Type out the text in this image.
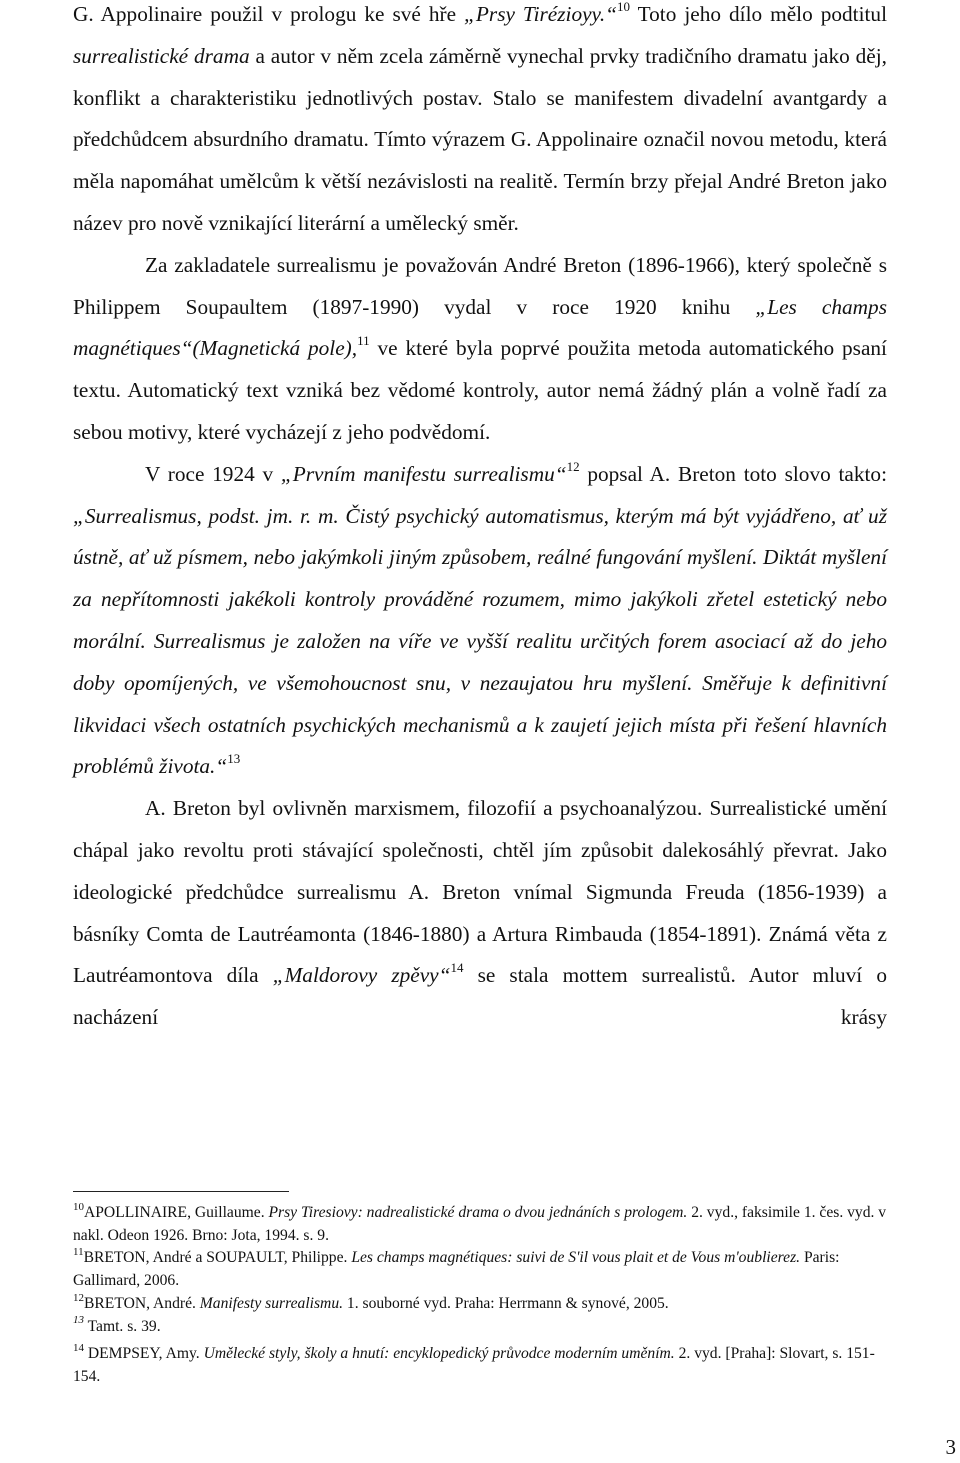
G. Appolinaire použil v prologu ke své hře „Prsy Tirézioyy.“$^{10}$ Toto jeho dílo mělo podtitul surrealistické drama a autor v něm zcela záměrně vynechal prvky tradičního dramatu jako děj, konflikt a charakteristiku jednotlivých postav. Stalo se manifestem divadelní avantgardy a předchůdcem absurdního dramatu. Tímto výrazem G. Appolinaire označil novou metodu, která měla napomáhat umělcům k větší nezávislosti na realitě. Termín brzy přejal André Breton jako název pro nově vznikající literární a umělecký směr.

Za zakladatele surrealismu je považován André Breton (1896-1966), který společně s Philippem Soupaultem (1897-1990) vydal v roce 1920 knihu „Les champs magnétiques“(Magnetická pole),$^{11}$ ve které byla poprvé použita metoda automatického psaní textu. Automatický text vzniká bez vědomé kontroly, autor nemá žádný plán a volně řadí za sebou motivy, které vycházejí z jeho podvědomí.

V roce 1924 v „Prvním manifestu surrealismu“$^{12}$ popsal A. Breton toto slovo takto: „Surrealismus, podst. jm. r. m. Čistý psychický automatismus, kterým má být vyjádřeno, ať už ústně, ať už písmem, nebo jakýmkoli jiným způsobem, reálné fungování myšlení. Diktát myšlení za nepřítomnosti jakékoli kontroly prováděné rozumem, mimo jakýkoli zřetel estetický nebo morální. Surrealismus je založen na víře ve vyšší realitu určitých forem asociací až do jeho doby opomíjených, ve všemohoucnost snu, v nezaujatou hru myšlení. Směřuje k definitivní likvidaci všech ostatních psychických mechanismů a k zaujetí jejich místa při řešení hlavních problémů života.“$^{13}$

A. Breton byl ovlivněn marxismem, filozofií a psychoanalýzou. Surrealistické umění chápal jako revoltu proti stávající společnosti, chtěl jím způsobit dalekosáhlý převrat. Jako ideologické předchůdce surrealismu A. Breton vnímal Sigmunda Freuda (1856-1939) a básníky Comta de Lautréamonta (1846-1880) a Artura Rimbauda (1854-1891). Známá věta z Lautréamontova díla „Maldorovy zpěvy“$^{14}$ se stala mottem surrealistů. Autor mluví o nacházení krásy

$^{10}$APOLLINAIRE, Guillaume. Prsy Tiresiovy: nadrealistické drama o dvou jednáních s prologem. 2. vyd., faksimile 1. čes. vyd. v nakl. Odeon 1926. Brno: Jota, 1994. s. 9.

$^{11}$BRETON, André a SOUPAULT, Philippe. Les champs magnétiques: suivi de S'il vous plait et de Vous m'oublierez. Paris: Gallimard, 2006.

$^{12}$BRETON, André. Manifesty surrealismu. 1. souborné vyd. Praha: Herrmann & synové, 2005.

$^{13}$ Tamt. s. 39.

$^{14}$ DEMPSEY, Amy. Umělecké styly, školy a hnutí: encyklopedický průvodce moderním uměním. 2. vyd. [Praha]: Slovart, s. 151-154.

3
